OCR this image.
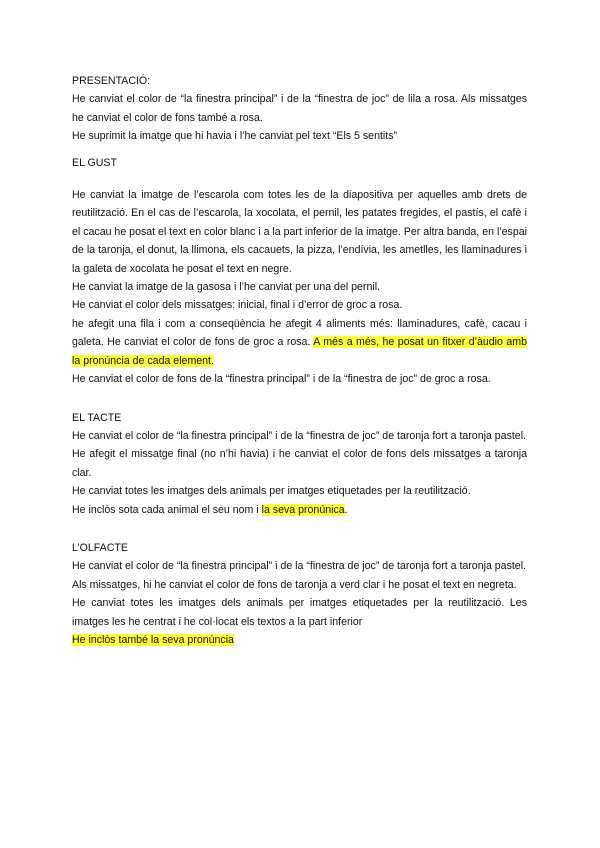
PRESENTACIÓ:

He canviat el color de “la finestra principal” i de la “finestra de joc” de lila a rosa. Als missatges he canviat el color de fons també a rosa.

He suprimit la imatge que hi havia i l’he canviat pel text “Els 5 sentits”

EL GUST

He canviat la imatge de l’escarola com totes les de la diapositiva per aquelles amb drets de reutilització. En el cas de l’escarola, la xocolata, el pernil, les patates fregides, el pastís, el cafè i el cacau he posat el text en color blanc i a la part inferior de la imatge. Per altra banda, en l’espai de la taronja, el donut, la llimona, els cacauets, la pizza, l’endívia, les ametlles, les llaminadures i la galeta de xocolata he posat el text en negre.

He canviat la imatge de la gasosa i l’he canviat per una del pernil.

He canviat el color dels missatges: inicial, final i d’error de groc a rosa.

he afegit una fila i com a conseqüència he afegit 4 aliments més: llaminadures, cafè, cacau i galeta. He canviat el color de fons de groc a rosa. A més a més, he posat un fitxer d’àudio amb la pronúncia de cada element.

He canviat el color de fons de la “finestra principal” i de la “finestra de joc” de groc a rosa.

EL TACTE

He canviat el color de “la finestra principal” i de la “finestra de joc” de taronja fort a taronja pastel.

He afegit el missatge final (no n’hi havia) i he canviat el color de fons dels missatges a taronja clar.

He canviat totes les imatges dels animals per imatges etiquetades per la reutilització.

He inclòs sota cada animal el seu nom i la seva pronúnica.

L’OLFACTE

He canviat el color de “la finestra principal” i de la “finestra de joc” de taronja fort a taronja pastel.

Als missatges, hi he canviat el color de fons de taronja a verd clar i he posat el text en negreta.

He canviat totes les imatges dels animals per imatges etiquetades per la reutilització. Les imatges les he centrat i he col·locat els textos a la part inferior

He inclòs també la seva pronúncia
